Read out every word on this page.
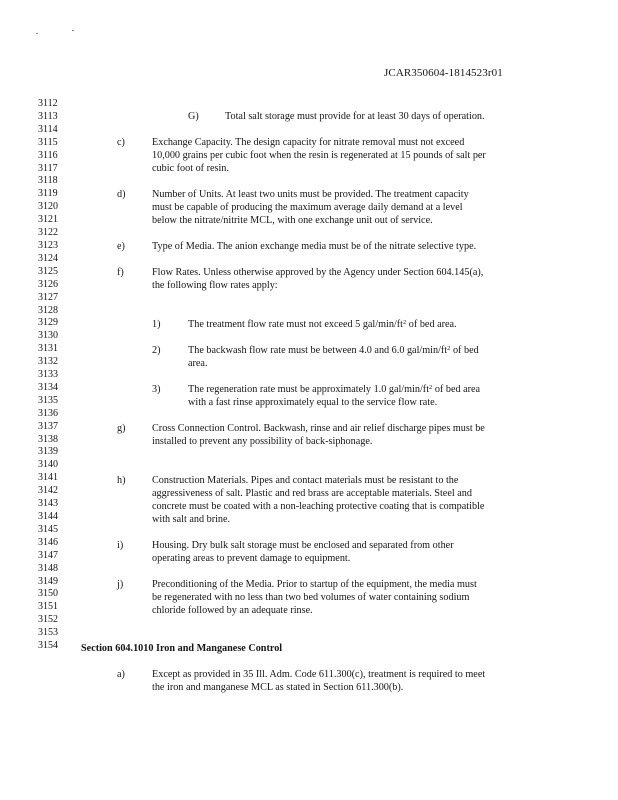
JCAR350604-1814523r01
3112
3113
3114
3115
3116
3117
3118
3119
3120
3121
3122
3123
3124
3125
3126
3127
3128
3129
3130
3131
3132
3133
3134
3135
3136
3137
3138
3139
3140
3141
3142
3143
3144
3145
3146
3147
3148
3149
3150
3151
3152
3153
3154
G)	Total salt storage must provide for at least 30 days of operation.
c)	Exchange Capacity. The design capacity for nitrate removal must not exceed
10,000 grains per cubic foot when the resin is regenerated at 15 pounds of salt per
cubic foot of resin.
d)	Number of Units. At least two units must be provided. The treatment capacity
must be capable of producing the maximum average daily demand at a level
below the nitrate/nitrite MCL, with one exchange unit out of service.
e)	Type of Media. The anion exchange media must be of the nitrate selective type.
f)	Flow Rates. Unless otherwise approved by the Agency under Section 604.145(a),
the following flow rates apply:
1)	The treatment flow rate must not exceed 5 gal/$\min/ft^2$ of bed area.
2)	The backwash flow rate must be between 4.0 and 6.0 gal/$\min/ft^2$ of bed
area.
3)	The regeneration rate must be approximately 1.0 gal/$\min/ft^2$ of bed area
with a fast rinse approximately equal to the service flow rate.
g)	Cross Connection Control. Backwash, rinse and air relief discharge pipes must be
installed to prevent any possibility of back-siphonage.
h)	Construction Materials. Pipes and contact materials must be resistant to the
aggressiveness of salt. Plastic and red brass are acceptable materials. Steel and
concrete must be coated with a non-leaching protective coating that is compatible
with salt and brine.
i)	Housing. Dry bulk salt storage must be enclosed and separated from other
operating areas to prevent damage to equipment.
j)	Preconditioning of the Media. Prior to startup of the equipment, the media must
be regenerated with no less than two bed volumes of water containing sodium
chloride followed by an adequate rinse.
Section 604.1010 Iron and Manganese Control
a)	Except as provided in 35 Ill. Adm. Code 611.300(c), treatment is required to meet
the iron and manganese MCL as stated in Section 611.300(b).
